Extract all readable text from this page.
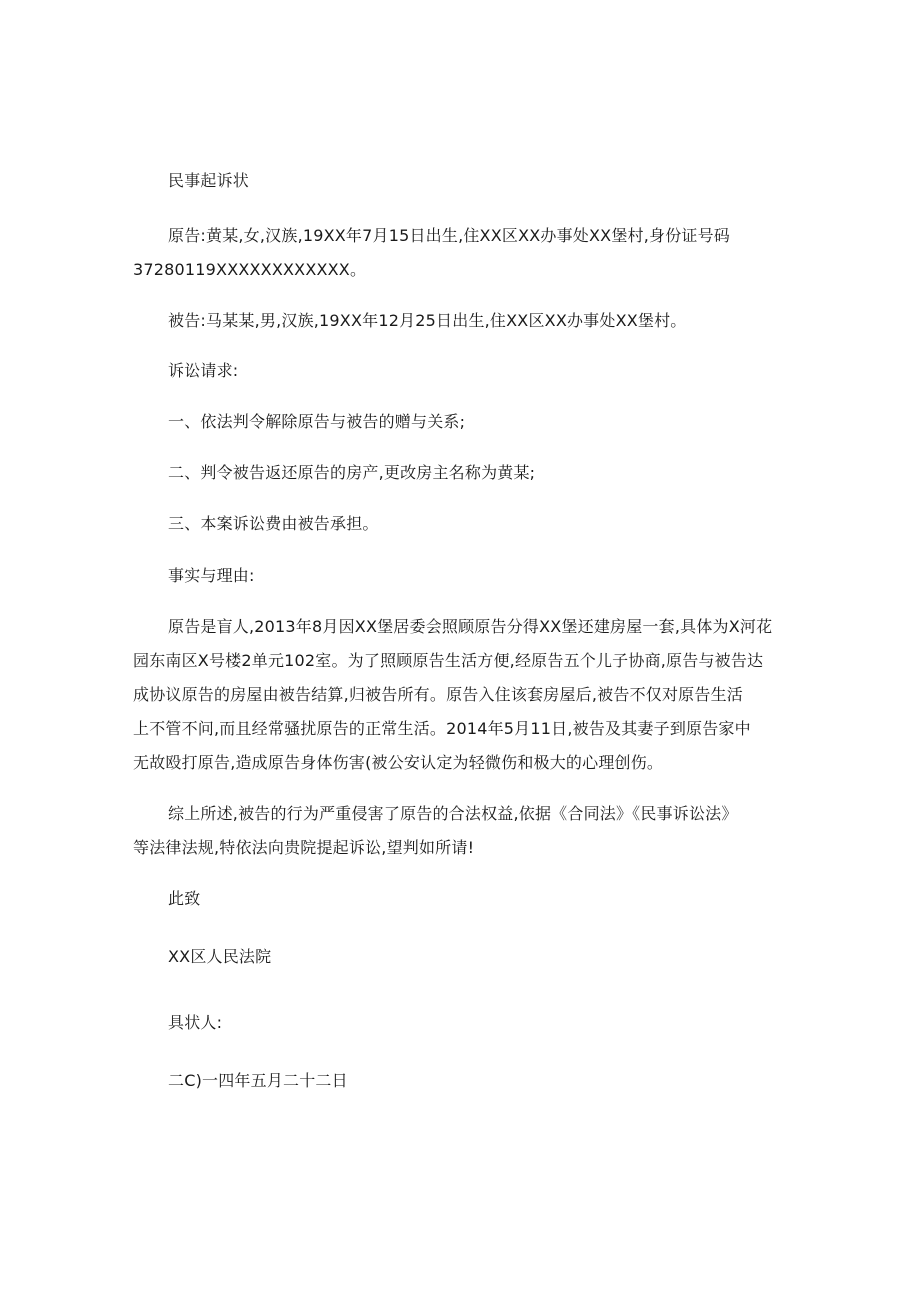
民事起诉状
原告:黄某,女,汉族,19XX年7月15日出生,住XX区XX办事处XX堡村,身份证号码
37280119XXXXXXXXXXXX。
被告:马某某,男,汉族,19XX年12月25日出生,住XX区XX办事处XX堡村。
诉讼请求:
一、依法判令解除原告与被告的赠与关系;
二、判令被告返还原告的房产,更改房主名称为黄某;
三、本案诉讼费由被告承担。
事实与理由:
原告是盲人,2013年8月因XX堡居委会照顾原告分得XX堡还建房屋一套,具体为X河花
园东南区X号楼2单元102室。为了照顾原告生活方便,经原告五个儿子协商,原告与被告达
成协议原告的房屋由被告结算,归被告所有。原告入住该套房屋后,被告不仅对原告生活
上不管不问,而且经常骚扰原告的正常生活。2014年5月11日,被告及其妻子到原告家中
无故殴打原告,造成原告身体伤害(被公安认定为轻微伤和极大的心理创伤。
综上所述,被告的行为严重侵害了原告的合法权益,依据《合同法》《民事诉讼法》
等法律法规,特依法向贵院提起诉讼,望判如所请!
此致
XX区人民法院
具状人:
二C)一四年五月二十二日
